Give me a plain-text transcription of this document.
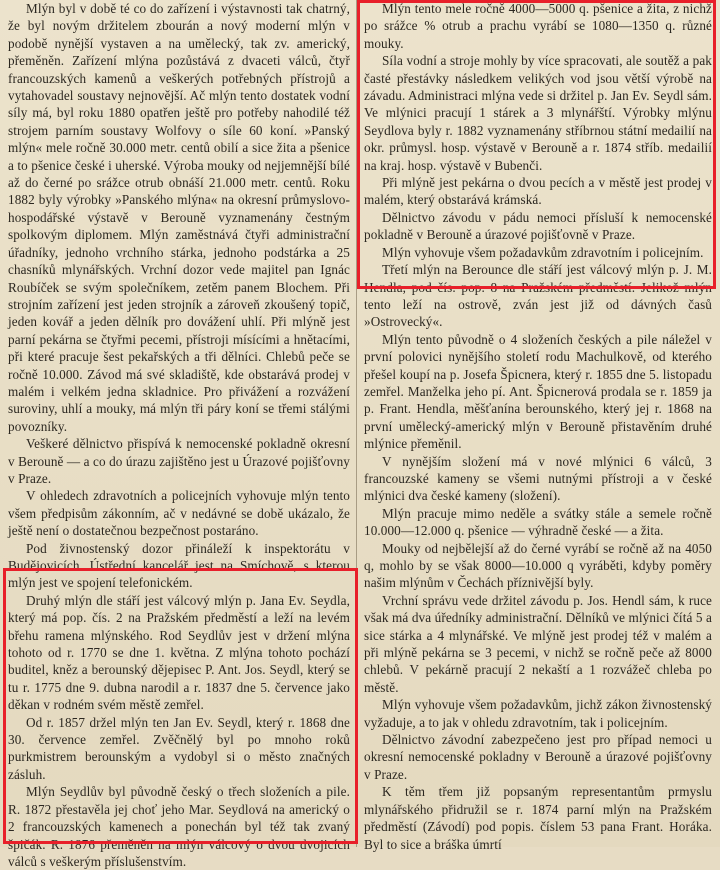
Mlýn byl v době té co do zařízení i výstavnosti tak chatrný, že byl novým držitelem zbourán a nový moderní mlýn v podobě nynější vystaven a na umělecký, tak zv. americký, přeměněn. Zařízení mlýna pozůstává z dvaceti válců, čtyř francouzských kamenů a veškerých potřebných přístrojů a vytahovadel soustavy nejnovější. Ač mlýn tento dostatek vodní síly má, byl roku 1880 opatřen ještě pro potřeby nahodilé též strojem parním soustavy Wolfovy o síle 60 koní. »Panský mlýn« mele ročně 30.000 metr. centů obilí a sice žita a pšenice a to pšenice české i uherské. Výroba mouky od nejjemnější bílé až do černé po srážce otrub obnáší 21.000 metr. centů. Roku 1882 byly výrobky »Panského mlýna« na okresní průmyslovo-hospodářské výstavě v Berouně vyznamenány čestným spolkovým diplomem. Mlýn zaměstnává čtyři administrační úřadníky, jednoho vrchního stárka, jednoho podstárka a 25 chasníků mlynářských. Vrchní dozor vede majitel pan Ignác Roubíček se svým společníkem, zetěm panem Blochem. Při strojním zařízení jest jeden strojník a zároveň zkoušený topič, jeden kovář a jeden dělník pro dovážení uhlí. Při mlýně jest parní pekárna se čtyřmi pecemi, přístroji mísícími a hnětacími, při které pracuje šest pekařských a tři dělníci. Chlebů peče se ročně 10.000. Závod má své skladiště, kde obstarává prodej v malém i velkém jedna skladnice. Pro přivážení a rozvážení suroviny, uhlí a mouky, má mlýn tři páry koní se třemi stálými povozníky.

Veškeré dělnictvo přispívá k nemocenské pokladně okresní v Berouně — a co do úrazu zajištěno jest u Úrazové pojišťovny v Praze.

V ohledech zdravotních a policejních vyhovuje mlýn tento všem předpisům zákonním, ač v nedávné se době ukázalo, že ještě není o dostatečnou bezpečnost postaráno.

Pod živnostenský dozor přináleží k inspektorátu v Budějovicích. Ústřední kancelář jest na Smíchově, s kterou mlýn jest ve spojení telefonickém.

Druhý mlýn dle stáří jest válcový mlýn p. Jana Ev. Seydla, který má pop. čís. 2 na Pražském předměstí a leží na levém břehu ramena mlýnského. Rod Seydlův jest v držení mlýna tohoto od r. 1770 se dne 1. května. Z mlýna tohoto pochází buditel, kněz a berounský dějepisec P. Ant. Jos. Seydl, který se tu r. 1775 dne 9. dubna narodil a r. 1837 dne 5. července jako děkan v rodném svém městě zemřel.

Od r. 1857 držel mlýn ten Jan Ev. Seydl, který r. 1868 dne 30. července zemřel. Zvěčnělý byl po mnoho roků purkmistrem berounským a vydobyl si o město značných zásluh.

Mlýn Seydlův byl původně český o třech složeních a pile. R. 1872 přestavěla jej choť jeho Mar. Seydlová na americký o 2 francouzských kamenech a ponechán byl též tak zvaný špičák. R. 1876 přeměněn na mlýn válcový o dvou dvojicích válců s veškerým příslušenstvím.

Mlýn tento mele ročně 4000—5000 q. pšenice a žita, z nichž po srážce % otrub a prachu vyrábí se 1080—1350 q. různé mouky.

Síla vodní a stroje mohly by více spracovati, ale soutěž a pak časté přestávky následkem velikých vod jsou větší výrobě na závadu. Administraci mlýna vede si držitel p. Jan Ev. Seydl sám. Ve mlýnici pracují 1 stárek a 3 mlynářští. Výrobky mlýnu Seydlova byly r. 1882 vyznamenány stříbrnou státní medailií na okr. průmysl. hosp. výstavě v Berouně a r. 1874 stříb. medailií na kraj. hosp. výstavě v Bubenči.

Při mlýně jest pekárna o dvou pecích a v městě jest prodej v malém, který obstarává krámská.

Dělnictvo závodu v pádu nemoci přísluší k nemocenské pokladně v Berouně a úrazové pojišťovně v Praze.

Mlýn vyhovuje všem požadavkům zdravotním i policejním.

Třetí mlýn na Berounce dle stáří jest válcový mlýn p. J. M. Hendla, pod čís. pop. 8 na Pražském předměstí. Jelikož mlýn tento leží na ostrově, zván jest již od dávných časů »Ostrovecký«.

Mlýn tento původně o 4 složeních českých a pile náležel v první polovici nynějšího století rodu Machulkově, od kterého přešel koupí na p. Josefa Špicnera, který r. 1855 dne 5. listopadu zemřel. Manželka jeho pí. Ant. Špicnerová prodala se r. 1859 ja p. Frant. Hendla, měšťanína berounského, který jej r. 1868 na první umělecký-americký mlýn v Berouně přistavěním druhé mlýnice přeměnil.

V nynějším složení má v nové mlýnici 6 válců, 3 francouzské kameny se všemi nutnými přístroji a v české mlýnici dva české kameny (složení).

Mlýn pracuje mimo neděle a svátky stále a semele ročně 10.000—12.000 q. pšenice — výhradně české — a žita.

Mouky od nejbělejší až do černé vyrábí se ročně až na 4050 q, mohlo by se však 8000—10.000 q vyráběti, kdyby poměry našim mlýnům v Čechách příznivější byly.

Vrchní správu vede držitel závodu p. Jos. Hendl sám, k ruce však má dva úředníky administrační. Dělníků ve mlýnici čítá 5 a sice stárka a 4 mlynářské. Ve mlýně jest prodej též v malém a při mlýně pekárna se 3 pecemi, v nichž se ročně peče až 8000 chlebů. V pekárně pracují 2 nekaští a 1 rozvážeč chleba po městě.

Mlýn vyhovuje všem požadavkům, jichž zákon živnostenský vyžaduje, a to jak v ohledu zdravotním, tak i policejním.

Dělnictvo závodní zabezpečeno jest pro případ nemoci u okresní nemocenské pokladny v Berouně a úrazové pojišťovny v Praze.

K těm třem již popsaným representantům prmyslu mlynářského přidružil se r. 1874 parní mlýn na Pražském předměstí (Závodí) pod popis. číslem 53 pana Frant. Horáka. Byl to sice a bráška úmrtí
